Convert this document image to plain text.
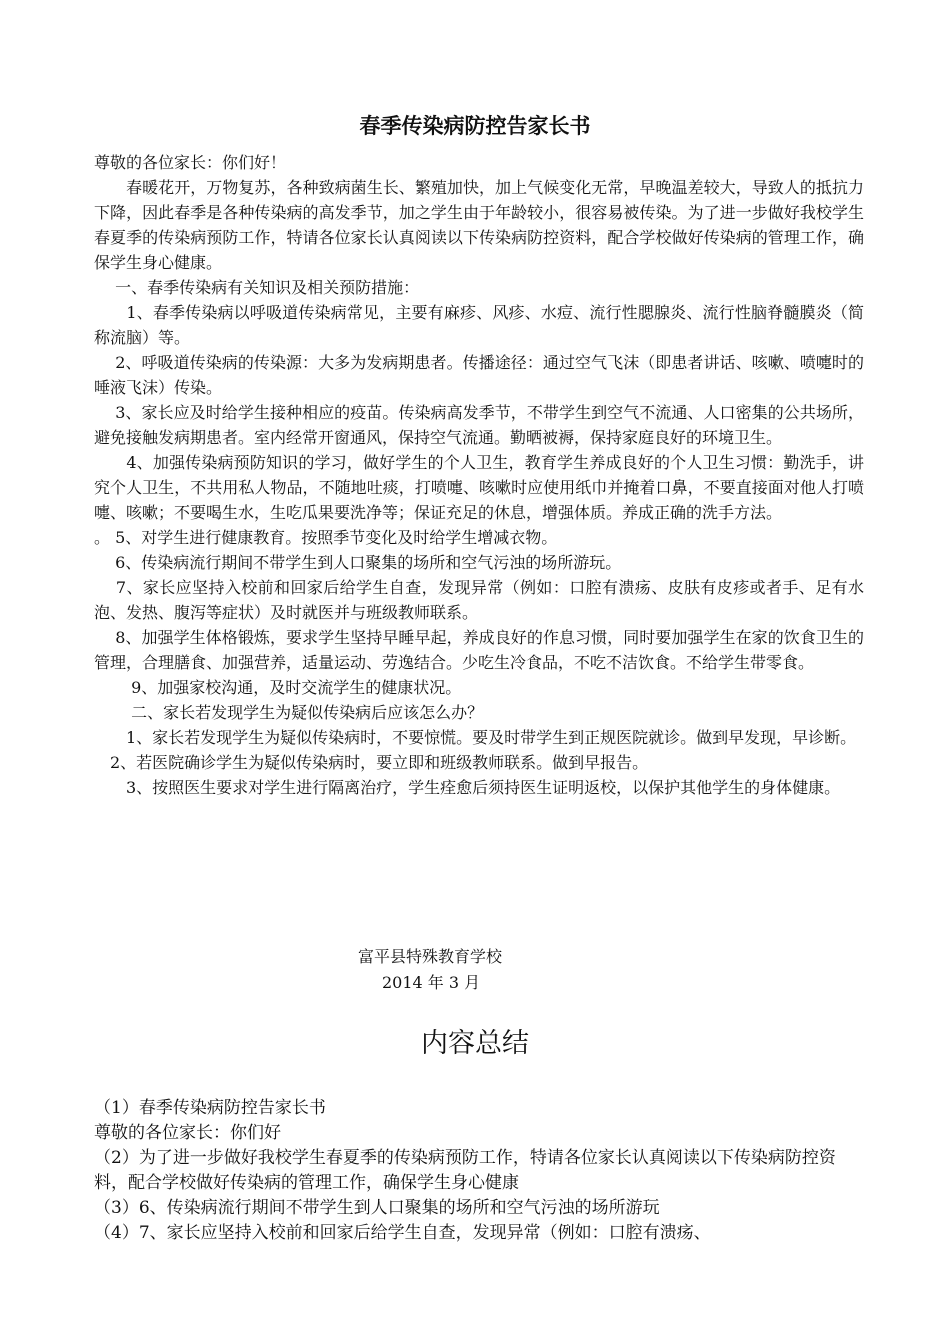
春季传染病防控告家长书

尊敬的各位家长：你们好！

　　春暖花开，万物复苏，各种致病菌生长、繁殖加快，加上气候变化无常，早晚温差较大，导致人的抵抗力下降，因此春季是各种传染病的高发季节，加之学生由于年龄较小，很容易被传染。为了进一步做好我校学生春夏季的传染病预防工作，特请各位家长认真阅读以下传染病防控资料，配合学校做好传染病的管理工作，确保学生身心健康。

　 一、春季传染病有关知识及相关预防措施：

　　1、春季传染病以呼吸道传染病常见，主要有麻疹、风疹、水痘、流行性腮腺炎、流行性脑脊髓膜炎（简称流脑）等。

　 2、呼吸道传染病的传染源：大多为发病期患者。传播途径：通过空气飞沫（即患者讲话、咳嗽、喷嚏时的唾液飞沫）传染。

　 3、家长应及时给学生接种相应的疫苗。传染病高发季节，不带学生到空气不流通、人口密集的公共场所，避免接触发病期患者。室内经常开窗通风，保持空气流通。勤晒被褥，保持家庭良好的环境卫生。

　　4、加强传染病预防知识的学习，做好学生的个人卫生，教育学生养成良好的个人卫生习惯：勤洗手，讲究个人卫生，不共用私人物品，不随地吐痰，打喷嚏、咳嗽时应使用纸巾并掩着口鼻，不要直接面对他人打喷嚏、咳嗽；不要喝生水，生吃瓜果要洗净等；保证充足的休息，增强体质。养成正确的洗手方法。

。 5、对学生进行健康教育。按照季节变化及时给学生增减衣物。

　 6、传染病流行期间不带学生到人口聚集的场所和空气污浊的场所游玩。

　 7、家长应坚持入校前和回家后给学生自查，发现异常（例如：口腔有溃疡、皮肤有皮疹或者手、足有水泡、发热、腹泻等症状）及时就医并与班级教师联系。

　 8、加强学生体格锻炼，要求学生坚持早睡早起，养成良好的作息习惯，同时要加强学生在家的饮食卫生的管理，合理膳食、加强营养，适量运动、劳逸结合。少吃生冷食品，不吃不洁饮食。不给学生带零食。

　　 9、加强家校沟通，及时交流学生的健康状况。

　　 二、家长若发现学生为疑似传染病后应该怎么办？

　　1、家长若发现学生为疑似传染病时，不要惊慌。要及时带学生到正规医院就诊。做到早发现，早诊断。

　2、若医院确诊学生为疑似传染病时，要立即和班级教师联系。做到早报告。

　　3、按照医生要求对学生进行隔离治疗，学生痊愈后须持医生证明返校，以保护其他学生的身体健康。

富平县特殊教育学校
2014 年 3 月
内容总结

（1）春季传染病防控告家长书

尊敬的各位家长：你们好

（2）为了进一步做好我校学生春夏季的传染病预防工作，特请各位家长认真阅读以下传染病防控资料，配合学校做好传染病的管理工作，确保学生身心健康

（3）6、传染病流行期间不带学生到人口聚集的场所和空气污浊的场所游玩

（4）7、家长应坚持入校前和回家后给学生自查，发现异常（例如：口腔有溃疡、
